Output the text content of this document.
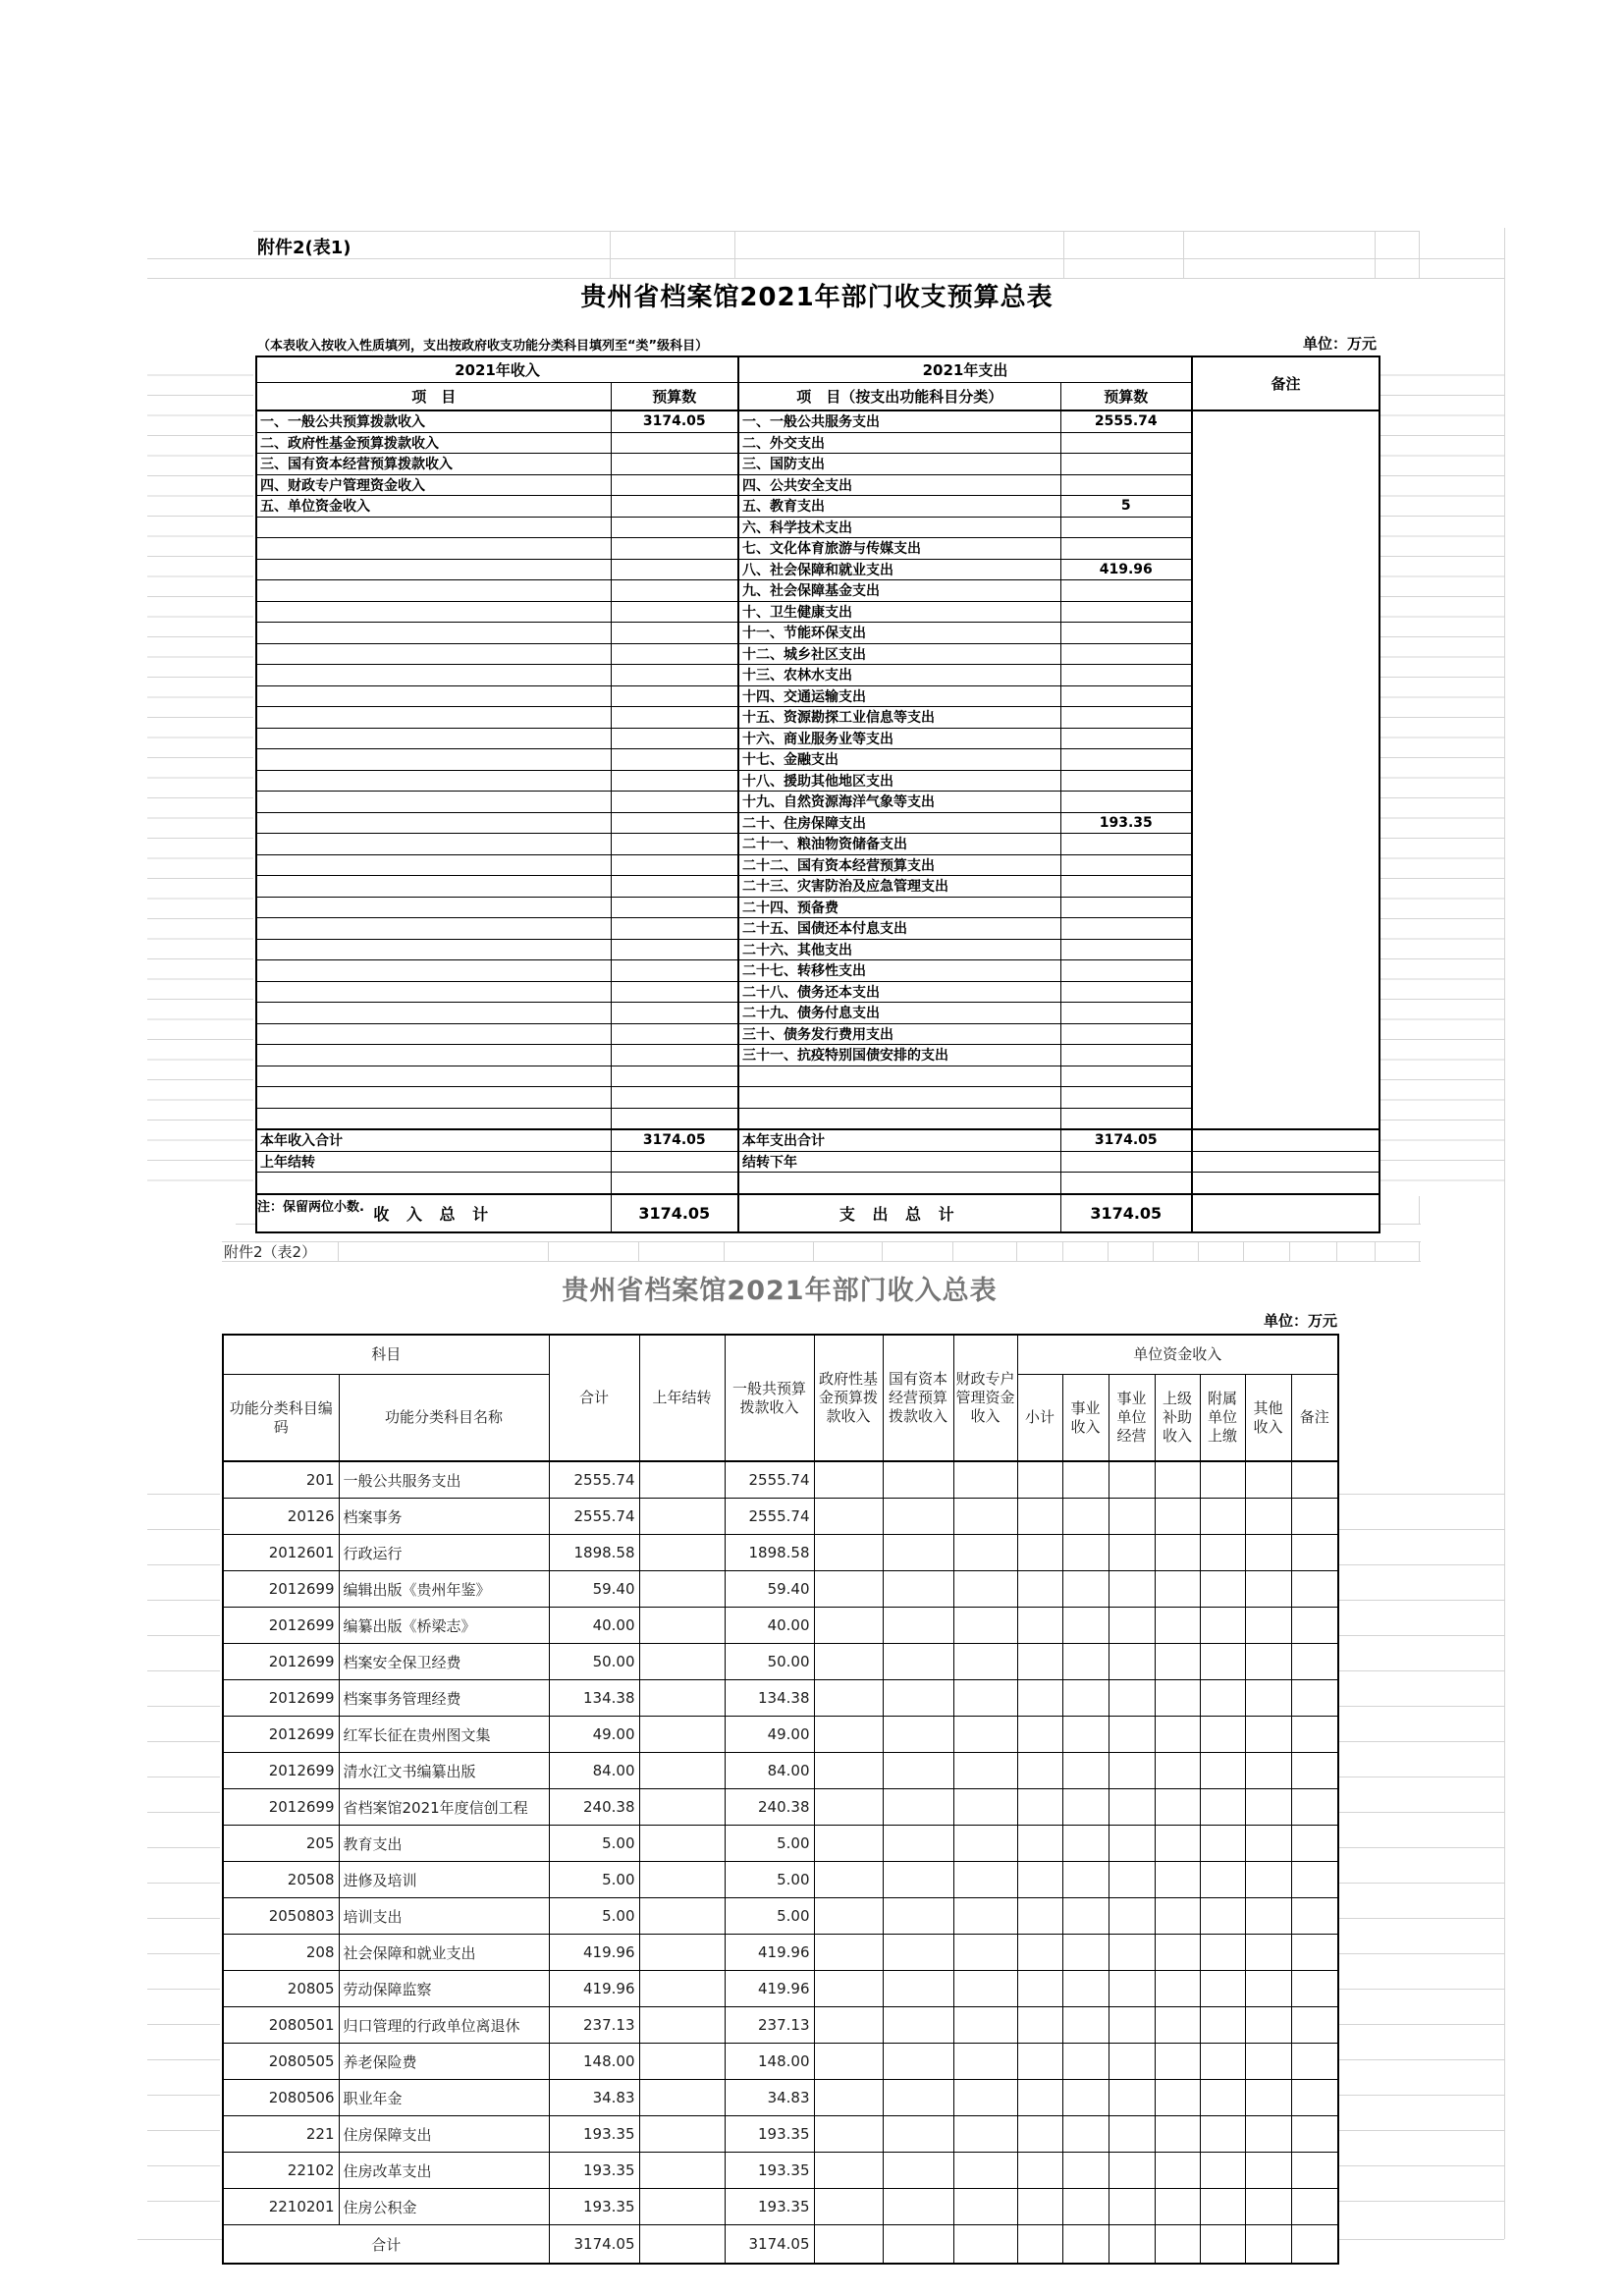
附件2(表1)
贵州省档案馆2021年部门收支预算总表
（本表收入按收入性质填列，支出按政府收支功能分类科目填列至“类”级科目）	单位：万元
2021年收入		2021年支出		备注
项　目	预算数	项　目（按支出功能科目分类）	预算数	
一、一般公共预算拨款收入	3174.05	一、一般公共服务支出	2555.74	
二、政府性基金预算拨款收入		二、外交支出		
三、国有资本经营预算拨款收入		三、国防支出		
四、财政专户管理资金收入		四、公共安全支出		
五、单位资金收入		五、教育支出	5	
		六、科学技术支出		
		七、文化体育旅游与传媒支出		
		八、社会保障和就业支出	419.96	
		九、社会保障基金支出		
		十、卫生健康支出		
		十一、节能环保支出		
		十二、城乡社区支出		
		十三、农林水支出		
		十四、交通运输支出		
		十五、资源勘探工业信息等支出		
		十六、商业服务业等支出		
		十七、金融支出		
		十八、援助其他地区支出		
		十九、自然资源海洋气象等支出		
		二十、住房保障支出	193.35	
		二十一、粮油物资储备支出		
		二十二、国有资本经营预算支出		
		二十三、灾害防治及应急管理支出		
		二十四、预备费		
		二十五、国债还本付息支出		
		二十六、其他支出		
		二十七、转移性支出		
		二十八、债务还本支出		
		二十九、债务付息支出		
		三十、债务发行费用支出		
		三十一、抗疫特别国债安排的支出		

本年收入合计	3174.05	本年支出合计	3174.05	
上年结转		结转下年		

收 入 总 计	3174.05	支 出 总 计	3174.05	
注：保留两位小数.
附件2（表2）
贵州省档案馆2021年部门收入总表
单位：万元
科目		合计	上年结转	一般共预算拨款收入	政府性基金预算拨款收入	国有资本经营预算拨款收入	财政专户管理资金收入	单位资金收入						
功能分类科目编码	功能分类科目名称							小计	事业收入	事业单位经营	上级补助收入	附属单位上缴	其他收入	备注
201	一般公共服务支出	2555.74		2555.74										
20126	档案事务	2555.74		2555.74										
2012601	行政运行	1898.58		1898.58										
2012699	编辑出版《贵州年鉴》	59.40		59.40										
2012699	编纂出版《桥梁志》	40.00		40.00										
2012699	档案安全保卫经费	50.00		50.00										
2012699	档案事务管理经费	134.38		134.38										
2012699	红军长征在贵州图文集	49.00		49.00										
2012699	清水江文书编纂出版	84.00		84.00										
2012699	省档案馆2021年度信创工程	240.38		240.38										
205	教育支出	5.00		5.00										
20508	进修及培训	5.00		5.00										
2050803	培训支出	5.00		5.00										
208	社会保障和就业支出	419.96		419.96										
20805	劳动保障监察	419.96		419.96										
2080501	归口管理的行政单位离退休	237.13		237.13										
2080505	养老保险费	148.00		148.00										
2080506	职业年金	34.83		34.83										
221	住房保障支出	193.35		193.35										
22102	住房改革支出	193.35		193.35										
2210201	住房公积金	193.35		193.35										
合计		3174.05		3174.05										
